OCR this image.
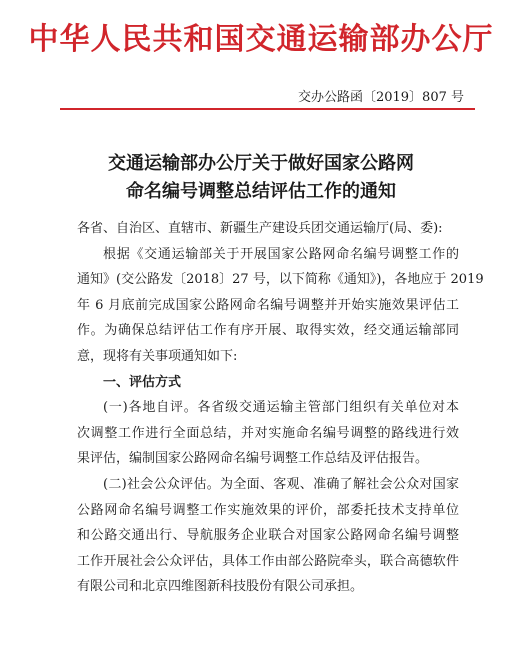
中华人民共和国交通运输部办公厅
交办公路函〔2019〕807 号
交通运输部办公厅关于做好国家公路网
命名编号调整总结评估工作的通知
各省、自治区、直辖市、新疆生产建设兵团交通运输厅(局、委):
根据《交通运输部关于开展国家公路网命名编号调整工作的
通知》(交公路发〔2018〕27 号，以下简称《通知》)，各地应于 2019
年 6 月底前完成国家公路网命名编号调整并开始实施效果评估工
作。为确保总结评估工作有序开展、取得实效，经交通运输部同
意，现将有关事项通知如下:
一、评估方式
(一)各地自评。各省级交通运输主管部门组织有关单位对本
次调整工作进行全面总结，并对实施命名编号调整的路线进行效
果评估，编制国家公路网命名编号调整工作总结及评估报告。
(二)社会公众评估。为全面、客观、准确了解社会公众对国家
公路网命名编号调整工作实施效果的评价，部委托技术支持单位
和公路交通出行、导航服务企业联合对国家公路网命名编号调整
工作开展社会公众评估，具体工作由部公路院牵头，联合高德软件
有限公司和北京四维图新科技股份有限公司承担。
